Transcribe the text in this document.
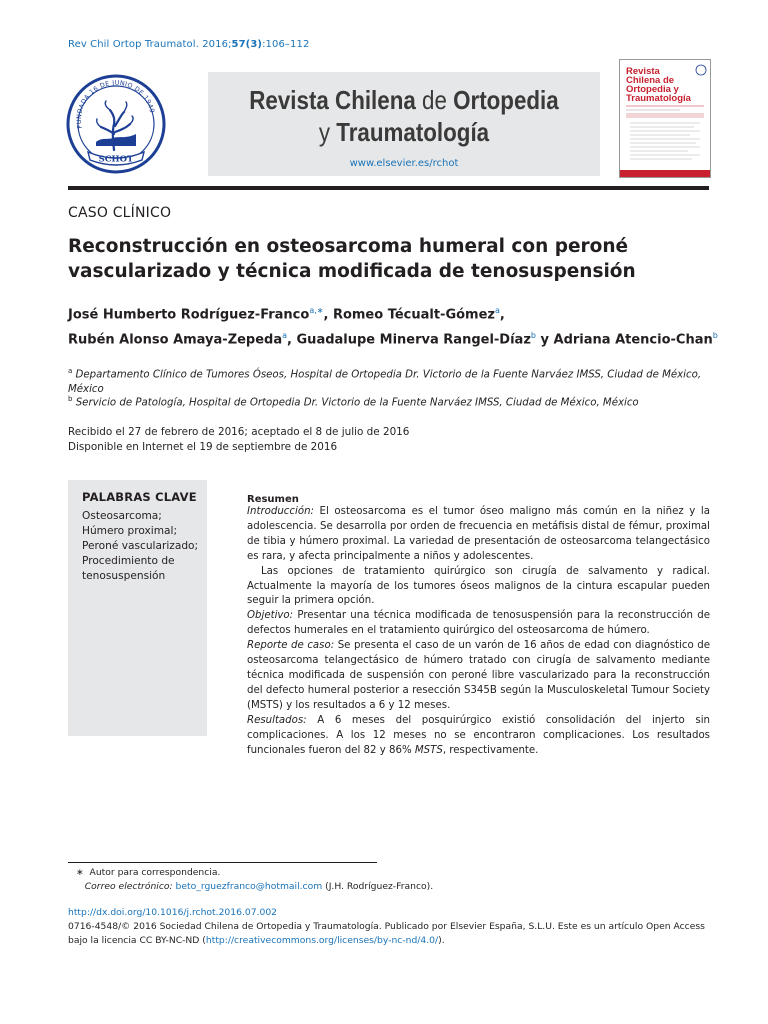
Rev Chil Ortop Traumatol. 2016;57(3):106–112
FUNDADA 16 DE JUNIO DE 1949
SCHOT
Revista Chilena de Ortopedia
y Traumatología
www.elsevier.es/rchot
Revista
Chilena de
Ortopedia y
Traumatología
CASO CLÍNICO
Reconstrucción en osteosarcoma humeral con peroné vascularizado y técnica modificada de tenosuspensión
José Humberto Rodríguez-Franco$^{a,∗}$, Romeo Técualt-Gómez$^a$,
Rubén Alonso Amaya-Zepeda$^a$, Guadalupe Minerva Rangel-Díaz$^b$ y Adriana Atencio-Chan$^b$
$^a$ Departamento Clínico de Tumores Óseos, Hospital de Ortopedia Dr. Victorio de la Fuente Narváez IMSS, Ciudad de México, México
$^b$ Servicio de Patología, Hospital de Ortopedia Dr. Victorio de la Fuente Narváez IMSS, Ciudad de México, México
Recibido el 27 de febrero de 2016; aceptado el 8 de julio de 2016
Disponible en Internet el 19 de septiembre de 2016
PALABRAS CLAVE
Osteosarcoma;
Húmero proximal;
Peroné vascularizado;
Procedimiento de
tenosuspensión
Resumen

Introducción: El osteosarcoma es el tumor óseo maligno más común en la niñez y la adolescencia. Se desarrolla por orden de frecuencia en metáfisis distal de fémur, proximal de tibia y húmero proximal. La variedad de presentación de osteosarcoma telangectásico es rara, y afecta principalmente a niños y adolescentes.

Las opciones de tratamiento quirúrgico son cirugía de salvamento y radical. Actualmente la mayoría de los tumores óseos malignos de la cintura escapular pueden seguir la primera opción.

Objetivo: Presentar una técnica modificada de tenosuspensión para la reconstrucción de defectos humerales en el tratamiento quirúrgico del osteosarcoma de húmero.

Reporte de caso: Se presenta el caso de un varón de 16 años de edad con diagnóstico de osteosarcoma telangectásico de húmero tratado con cirugía de salvamento mediante técnica modificada de suspensión con peroné libre vascularizado para la reconstrucción del defecto humeral posterior a resección S345B según la Musculoskeletal Tumour Society (MSTS) y los resultados a 6 y 12 meses.

Resultados: A 6 meses del posquirúrgico existió consolidación del injerto sin complicaciones. A los 12 meses no se encontraron complicaciones. Los resultados funcionales fueron del 82 y 86% MSTS, respectivamente.

∗ Autor para correspondencia.
Correo electrónico: beto_rguezfranco@hotmail.com (J.H. Rodríguez-Franco).
http://dx.doi.org/10.1016/j.rchot.2016.07.002
0716-4548/© 2016 Sociedad Chilena de Ortopedia y Traumatología. Publicado por Elsevier España, S.L.U. Este es un artículo Open Access bajo la licencia CC BY-NC-ND (http://creativecommons.org/licenses/by-nc-nd/4.0/).
